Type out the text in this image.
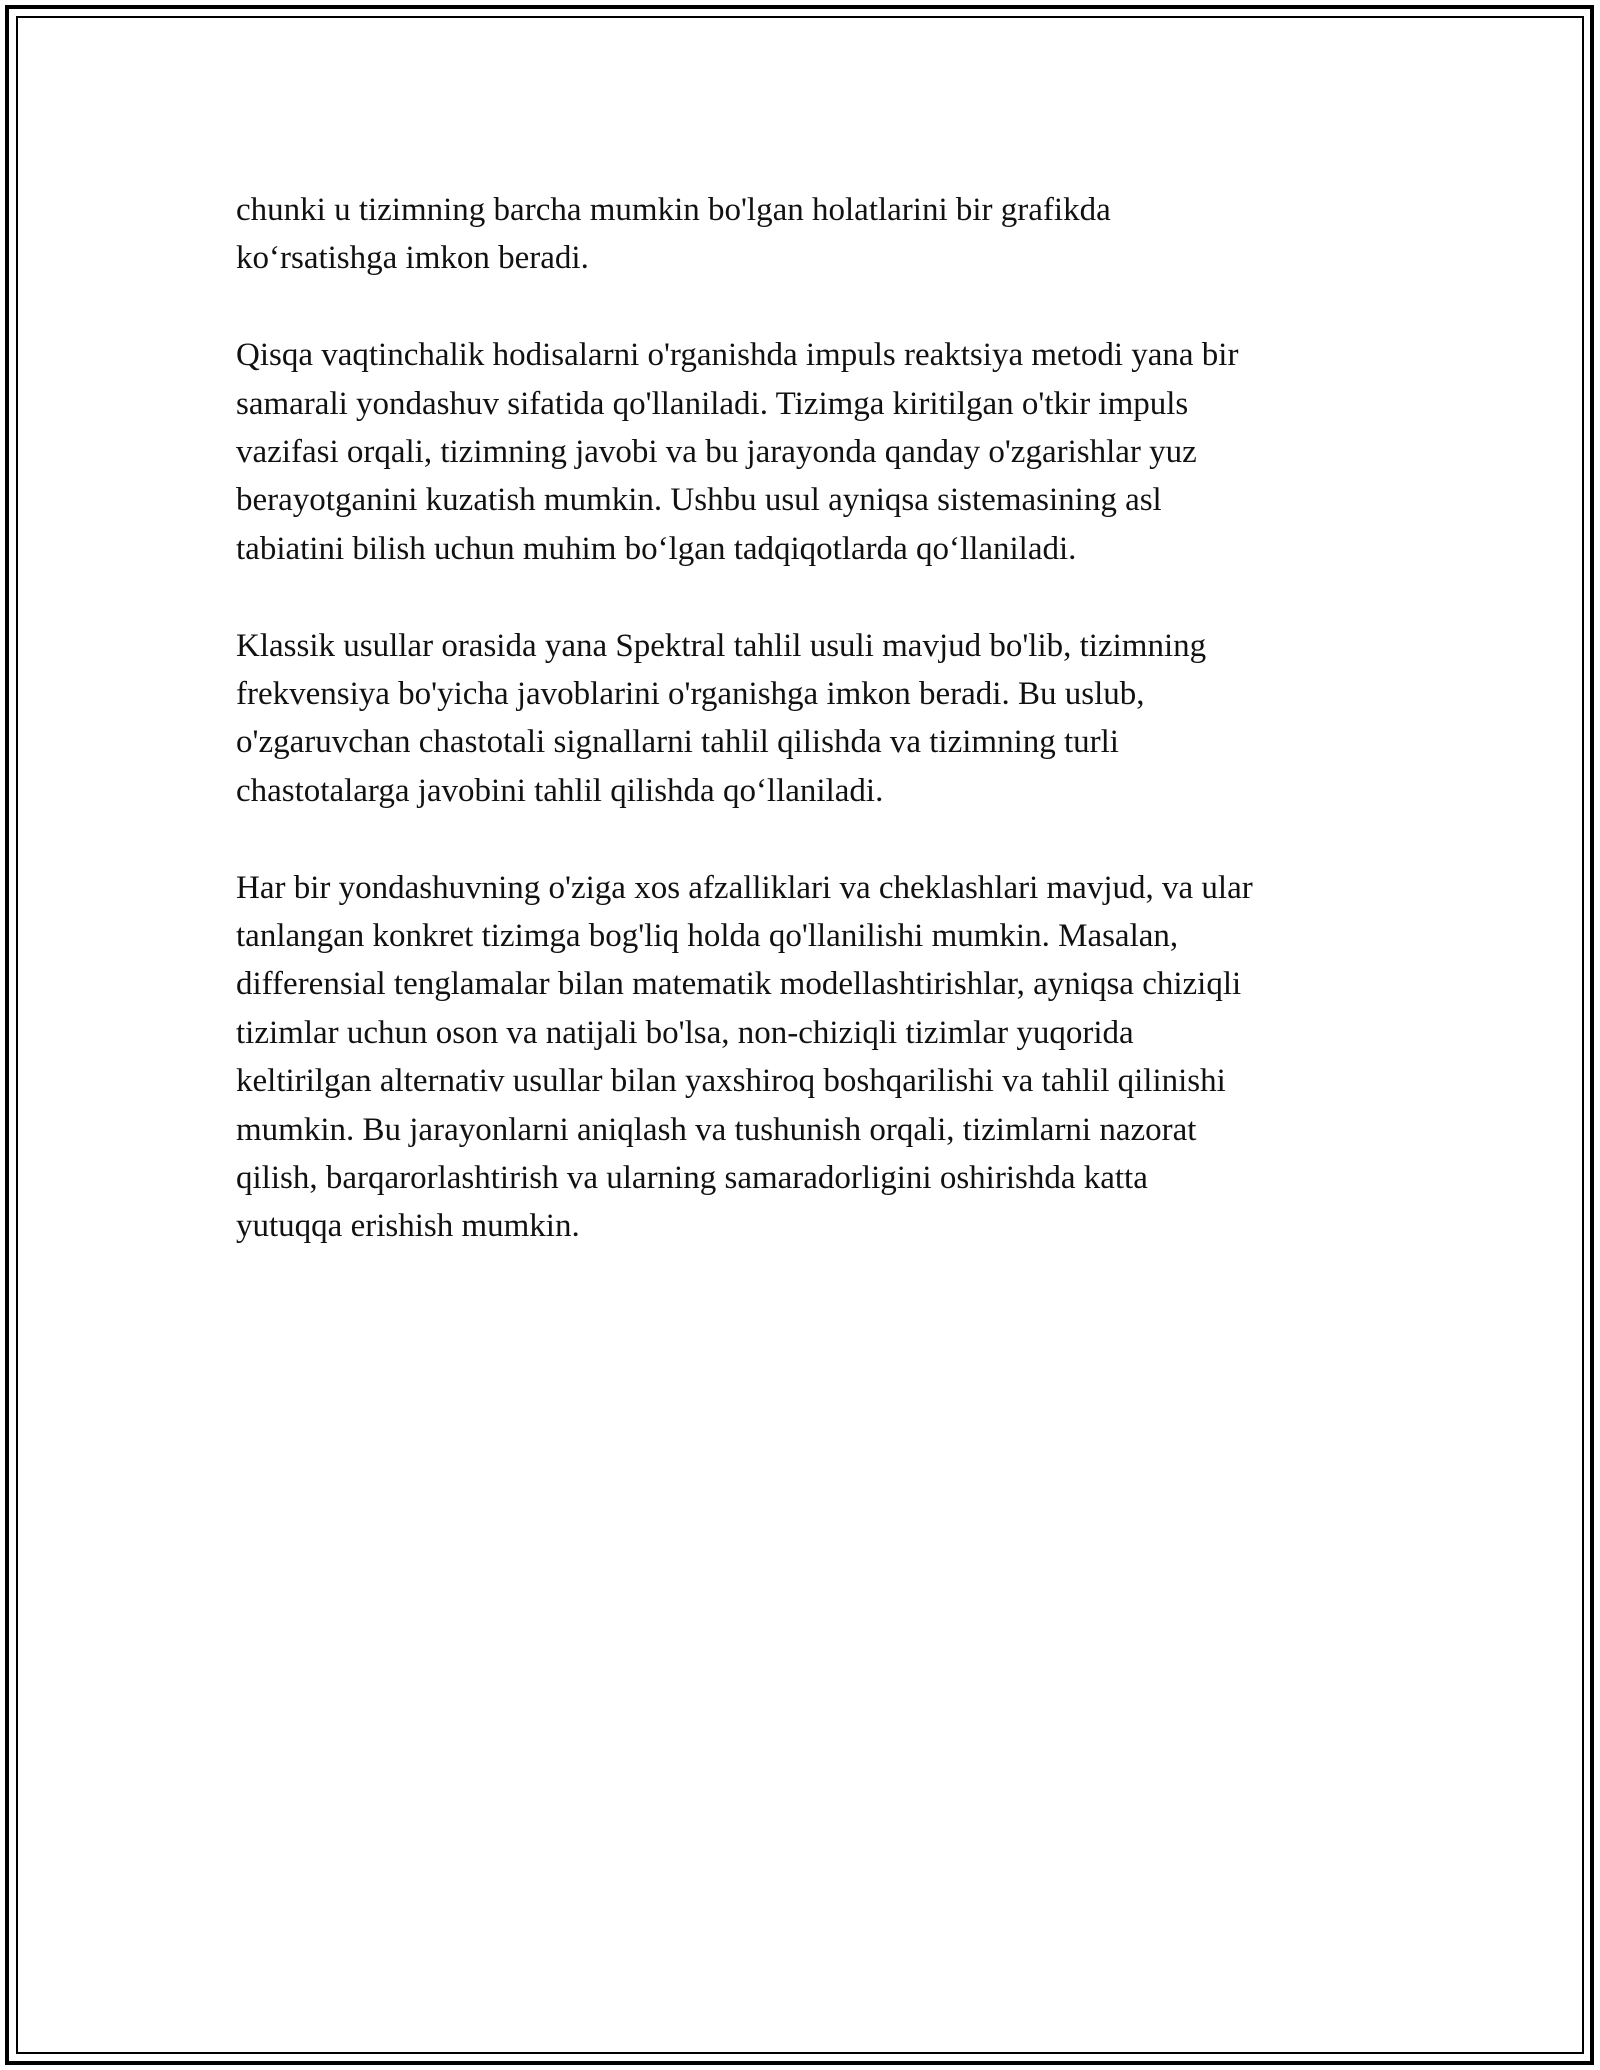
chunki u tizimning barcha mumkin bo'lgan holatlarini bir grafikda
ko‘rsatishga imkon beradi.

Qisqa vaqtinchalik hodisalarni o'rganishda impuls reaktsiya metodi yana bir
samarali yondashuv sifatida qo'llaniladi. Tizimga kiritilgan o'tkir impuls
vazifasi orqali, tizimning javobi va bu jarayonda qanday o'zgarishlar yuz
berayotganini kuzatish mumkin. Ushbu usul ayniqsa sistemasining asl
tabiatini bilish uchun muhim bo‘lgan tadqiqotlarda qo‘llaniladi.

Klassik usullar orasida yana Spektral tahlil usuli mavjud bo'lib, tizimning
frekvensiya bo'yicha javoblarini o'rganishga imkon beradi. Bu uslub,
o'zgaruvchan chastotali signallarni tahlil qilishda va tizimning turli
chastotalarga javobini tahlil qilishda qo‘llaniladi.

Har bir yondashuvning o'ziga xos afzalliklari va cheklashlari mavjud, va ular
tanlangan konkret tizimga bog'liq holda qo'llanilishi mumkin. Masalan,
differensial tenglamalar bilan matematik modellashtirishlar, ayniqsa chiziqli
tizimlar uchun oson va natijali bo'lsa, non-chiziqli tizimlar yuqorida
keltirilgan alternativ usullar bilan yaxshiroq boshqarilishi va tahlil qilinishi
mumkin. Bu jarayonlarni aniqlash va tushunish orqali, tizimlarni nazorat
qilish, barqarorlashtirish va ularning samaradorligini oshirishda katta
yutuqqa erishish mumkin.
